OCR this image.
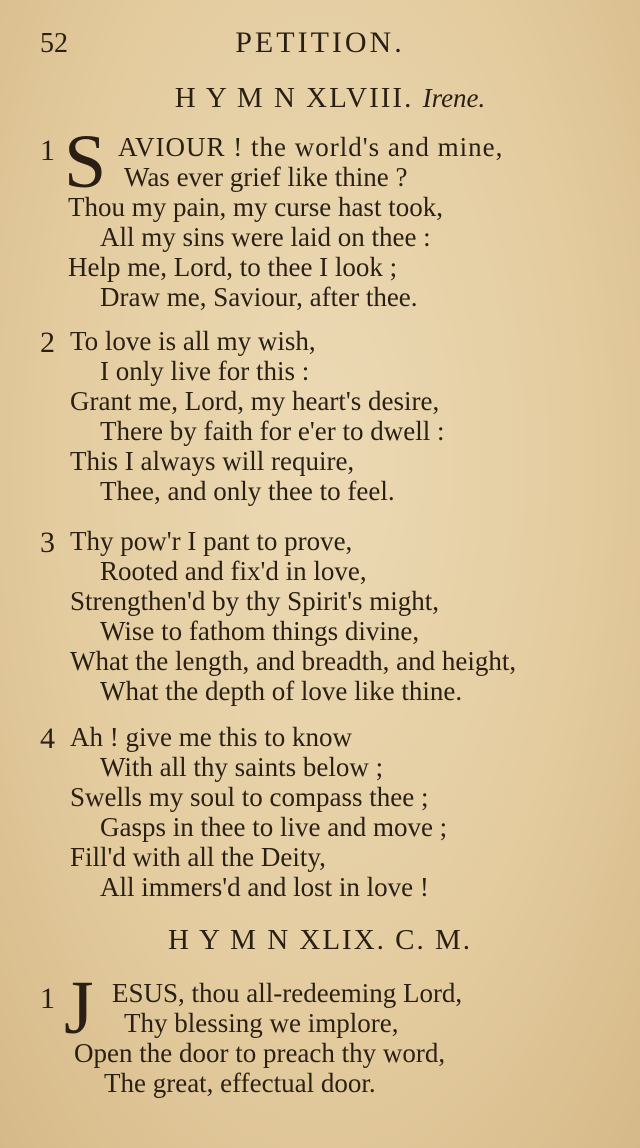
52	PETITION.
H Y M N XLVIII. Irene.
1 S AVIOUR ! the world's and mine,
Was ever grief like thine ?
Thou my pain, my curse hast took,
All my sins were laid on thee :
Help me, Lord, to thee I look ;
Draw me, Saviour, after thee.
2 To love is all my wish,
I only live for this :
Grant me, Lord, my heart's desire,
There by faith for e'er to dwell :
This I always will require,
Thee, and only thee to feel.
3 Thy pow'r I pant to prove,
Rooted and fix'd in love,
Strengthen'd by thy Spirit's might,
Wise to fathom things divine,
What the length, and breadth, and height,
What the depth of love like thine.
4 Ah ! give me this to know
With all thy saints below ;
Swells my soul to compass thee ;
Gasps in thee to live and move ;
Fill'd with all the Deity,
All immers'd and lost in love !
H Y M N XLIX. C. M.
1 J ESUS, thou all-redeeming Lord,
Thy blessing we implore,
Open the door to preach thy word,
The great, effectual door.
